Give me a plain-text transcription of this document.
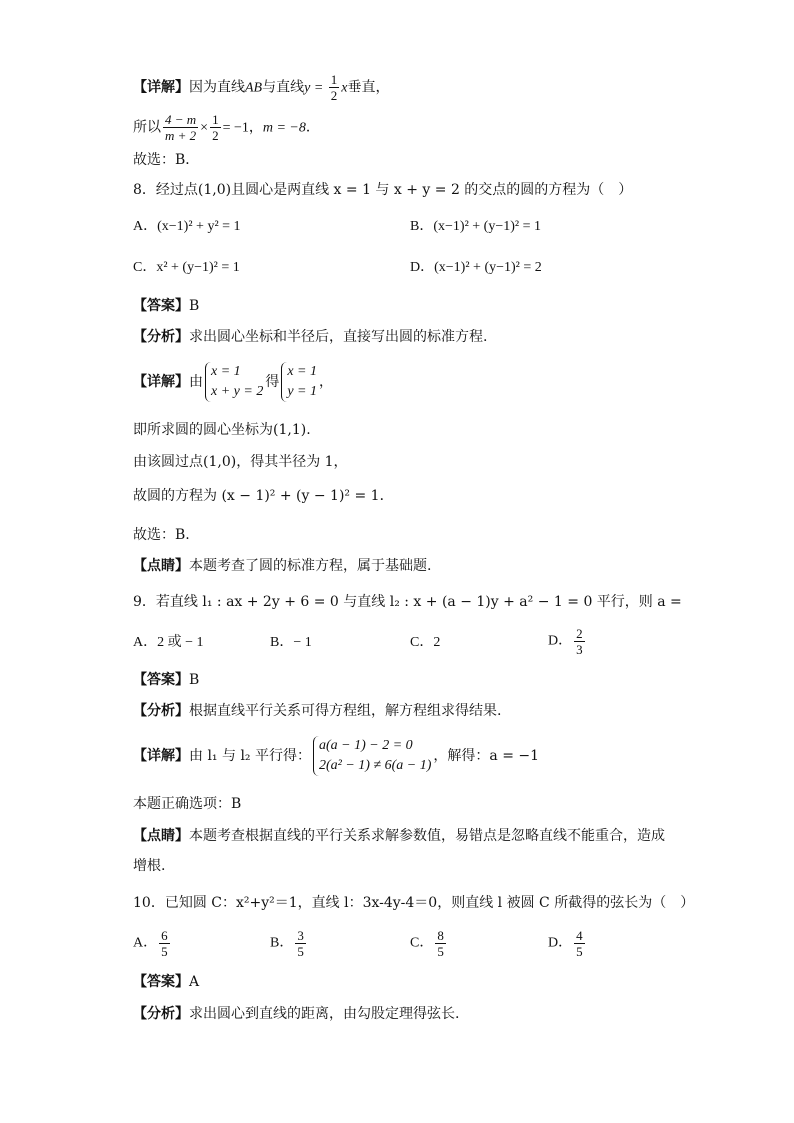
【详解】因为直线AB与直线$y = \frac{1}{2}$ x垂直，
所以 $\frac{4 - m}{m + 2} \times \frac{1}{2} = -1$，m = −8．
故选：B．
8．经过点(1,0)且圆心是两直线 x = 1 与 x + y = 2 的交点的圆的方程为（　）
A．(x−1)² + y² = 1	B．(x−1)² + (y−1)² = 1
C．x² + (y−1)² = 1	D．(x−1)² + (y−1)² = 2
【答案】B
【分析】求出圆心坐标和半径后，直接写出圆的标准方程.
【详解】由
x = 1
x + y = 2
得
x = 1
y = 1
，
即所求圆的圆心坐标为(1,1).
由该圆过点(1,0)，得其半径为 1，
故圆的方程为 (x − 1)² + (y − 1)² = 1．
故选：B.
【点睛】本题考查了圆的标准方程，属于基础题.
9．若直线 l₁ : ax + 2y + 6 = 0 与直线 l₂ : x + (a − 1)y + a² − 1 = 0 平行，则 a =
A．2 或 − 1	B．− 1	C．2	D． $\frac{2}{3}$
【答案】B
【分析】根据直线平行关系可得方程组，解方程组求得结果.
【详解】由 l₁ 与 l₂ 平行得：
a(a − 1) − 2 = 0
2(a² − 1) ≠ 6(a − 1)
，解得：a = −1
本题正确选项：B
【点睛】本题考查根据直线的平行关系求解参数值，易错点是忽略直线不能重合，造成
增根.
10．已知圆 C：x²+y²＝1，直线 l：3x-4y-4＝0，则直线 l 被圆 C 所截得的弦长为（　）
A． $\frac{6}{5}$	B． $\frac{3}{5}$	C． $\frac{8}{5}$	D． $\frac{4}{5}$
【答案】A
【分析】求出圆心到直线的距离，由勾股定理得弦长.
